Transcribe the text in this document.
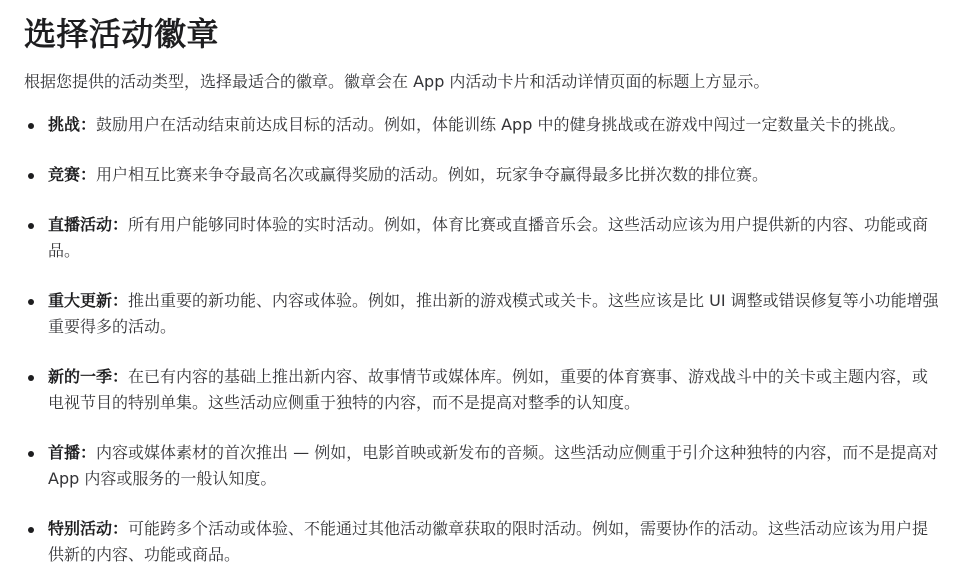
选择活动徽章

根据您提供的活动类型，选择最适合的徽章。徽章会在 App 内活动卡片和活动详情页面的标题上方显示。

挑战：鼓励用户在活动结束前达成目标的活动。例如，体能训练 App 中的健身挑战或在游戏中闯过一定数量关卡的挑战。
竞赛：用户相互比赛来争夺最高名次或赢得奖励的活动。例如，玩家争夺赢得最多比拼次数的排位赛。
直播活动：所有用户能够同时体验的实时活动。例如，体育比赛或直播音乐会。这些活动应该为用户提供新的内容、功能或商品。
重大更新：推出重要的新功能、内容或体验。例如，推出新的游戏模式或关卡。这些应该是比 UI 调整或错误修复等小功能增强重要得多的活动。
新的一季：在已有内容的基础上推出新内容、故事情节或媒体库。例如，重要的体育赛事、游戏战斗中的关卡或主题内容，或电视节目的特别单集。这些活动应侧重于独特的内容，而不是提高对整季的认知度。
首播：内容或媒体素材的首次推出 — 例如，电影首映或新发布的音频。这些活动应侧重于引介这种独特的内容，而不是提高对 App 内容或服务的一般认知度。
特别活动：可能跨多个活动或体验、不能通过其他活动徽章获取的限时活动。例如，需要协作的活动。这些活动应该为用户提供新的内容、功能或商品。
